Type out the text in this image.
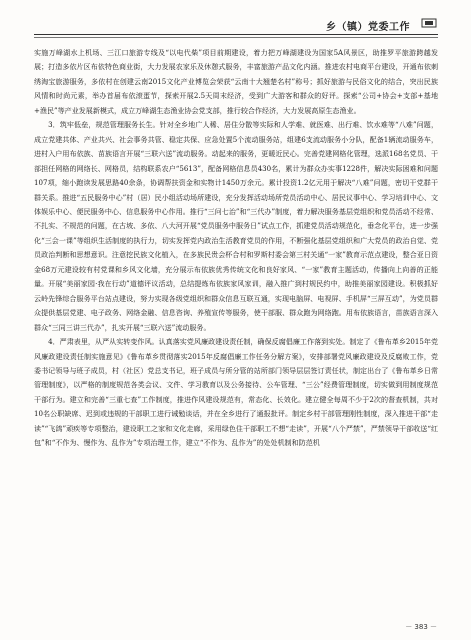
乡（镇）党委工作

实施万峰湖水上机场、三江口旅游专线及“以电代柴”项目前期建设，着力把万峰湖建设为国家5A风景区，助推罗平旅游跨越发展；打造多依片区布依特色商业街，大力发展农家乐及休憩式服务，丰富旅游产品文化内涵。推进农村电商平台建设，开通布依刺绣淘宝旅游服务，多依村在创建云南2015文化产业博览会荣获“云南十大翘楚名村”称号；抓好旅游与民俗文化的结合，突出民族风情和时尚元素，举办首届布依滚蛋节，探索开展2.5天周末经济，受到广大游客和群众的好评。探索“公司+协会+支部+基地+渔民”等产业发展新模式，成立万峰湖生态渔业协会党支部，推行较合作经济，大力发展高原生态渔业。

3．筑牢低垒，规范管理服务长生。针对全乡地广人稀、居住分散等实际和人学难、就医难、出行难、饮水难等“八难”问题，成立党建共体、产业共兴、社会事务共管、稳定共保、应急处置5个流动服务站，组建6支流动服务小分队，配备1辆流动服务车，进村入户用布依族、苗族语言开展“三联六送”流动服务。动起来的服务，更暖近民心。完善党建网格化管理，选派168名党员、干部担任网格的网络长、网格员，结构联系农户“5613”，配备网格信息员430名，累计为群众办实事1228件，解决实际困难和问题107项，缩小跑读发展思路40余条，协调帮扶资金和实物计1450万余元。累计投资1.2亿元用于解决“八难”问题，密切干党群干群关系。推进“五民服务中心”村（居）民小组活动场所建设，充分发挥活动场所党员活动中心、居民议事中心、学习培训中心、文体娱乐中心、便民服务中心、信息服务中心作用。推行“三问七治”和“三代办”制度，着力解决服务基层党组织和党员活动不经常、不扎实、不规范的问题，在古坡、多依、八大河开展“党员服务中服务日”试点工作，抓建党员活动规范化，垂念化平台，进一步强化“三会一课”等组织生活制度的执行力，切实发挥党内政治生活教育党员的作用，不断强化基层党组织和广大党员的政治自觉、党员政治判断和思想意识。注意挖民族文化植入，在多族民贵会杯合村和罗斯村委会第三村关通“一家”教育示范点建设，整合亚日资金68万元建设较有村党课和乡风文化墙，充分展示布依族优秀传统文化和良好家风、“一家”教育主题活动，传播向上向善的正能量。开展“美丽家园·我在行动”道德评议活动，总结提炼布依族家风家训，融入推广到村规民约中，助推美丽家园建设。积极抓好云岭先锋综合服务平台站点建设，努力实现各级党组织和群众信息互联互通，实现电脑屏、电视屏、手机屏“三屏互动”，为党员群众提供基层党建、电子政务、网络金融、信息咨询、养殖宣传等服务，使干部服、群众跑为网络跑。用布依族语言，苗族语言深入群众“三同三讲三代办”，扎实开展“三联六送”流动服务。

4．严肃表里，从严从实转变作风。认真落实党风廉政建设责任制，确保反腐倡廉工作落到实处。制定了《鲁布革乡2015年党风廉政建设责任制实施意见》《鲁布革乡贯彻落实2015年反腐倡廉工作任务分解方案》，安排部署党风廉政建设及反腐败工作，党委书记领导与班子成员，村（社区）党总支书记，班子成员与所分管的站所部门领导层层签订责任状，制定出台了《鲁布革乡日常管理制度》，以严格的制度规范各类会议、文件、学习教育以及公务接待、公车管理、“三公”经费管理制度，切实做到用制度规范干部行为。建立和完善“三重七查”工作制度，推进作风建设规范有，常态化、长效化。建立健全每周不少于2次的督查机制，共对10名公职缺席、迟到或违规的干部职工进行诫勉谈话，并在全乡进行了通报批评。制定乡村干部管理刚性制度，深入推进干部“走读”“飞鸽”顽疾等专项整治，建设职工之家和文化走廊，采用绿色住干部职工不想“走读”，开展“八个严禁”，严禁领导干部收送“红包”和“不作为、慢作为、乱作为”专项治理工作，建立“不作为、乱作为”的处处机制和防范机

－ 383 －
